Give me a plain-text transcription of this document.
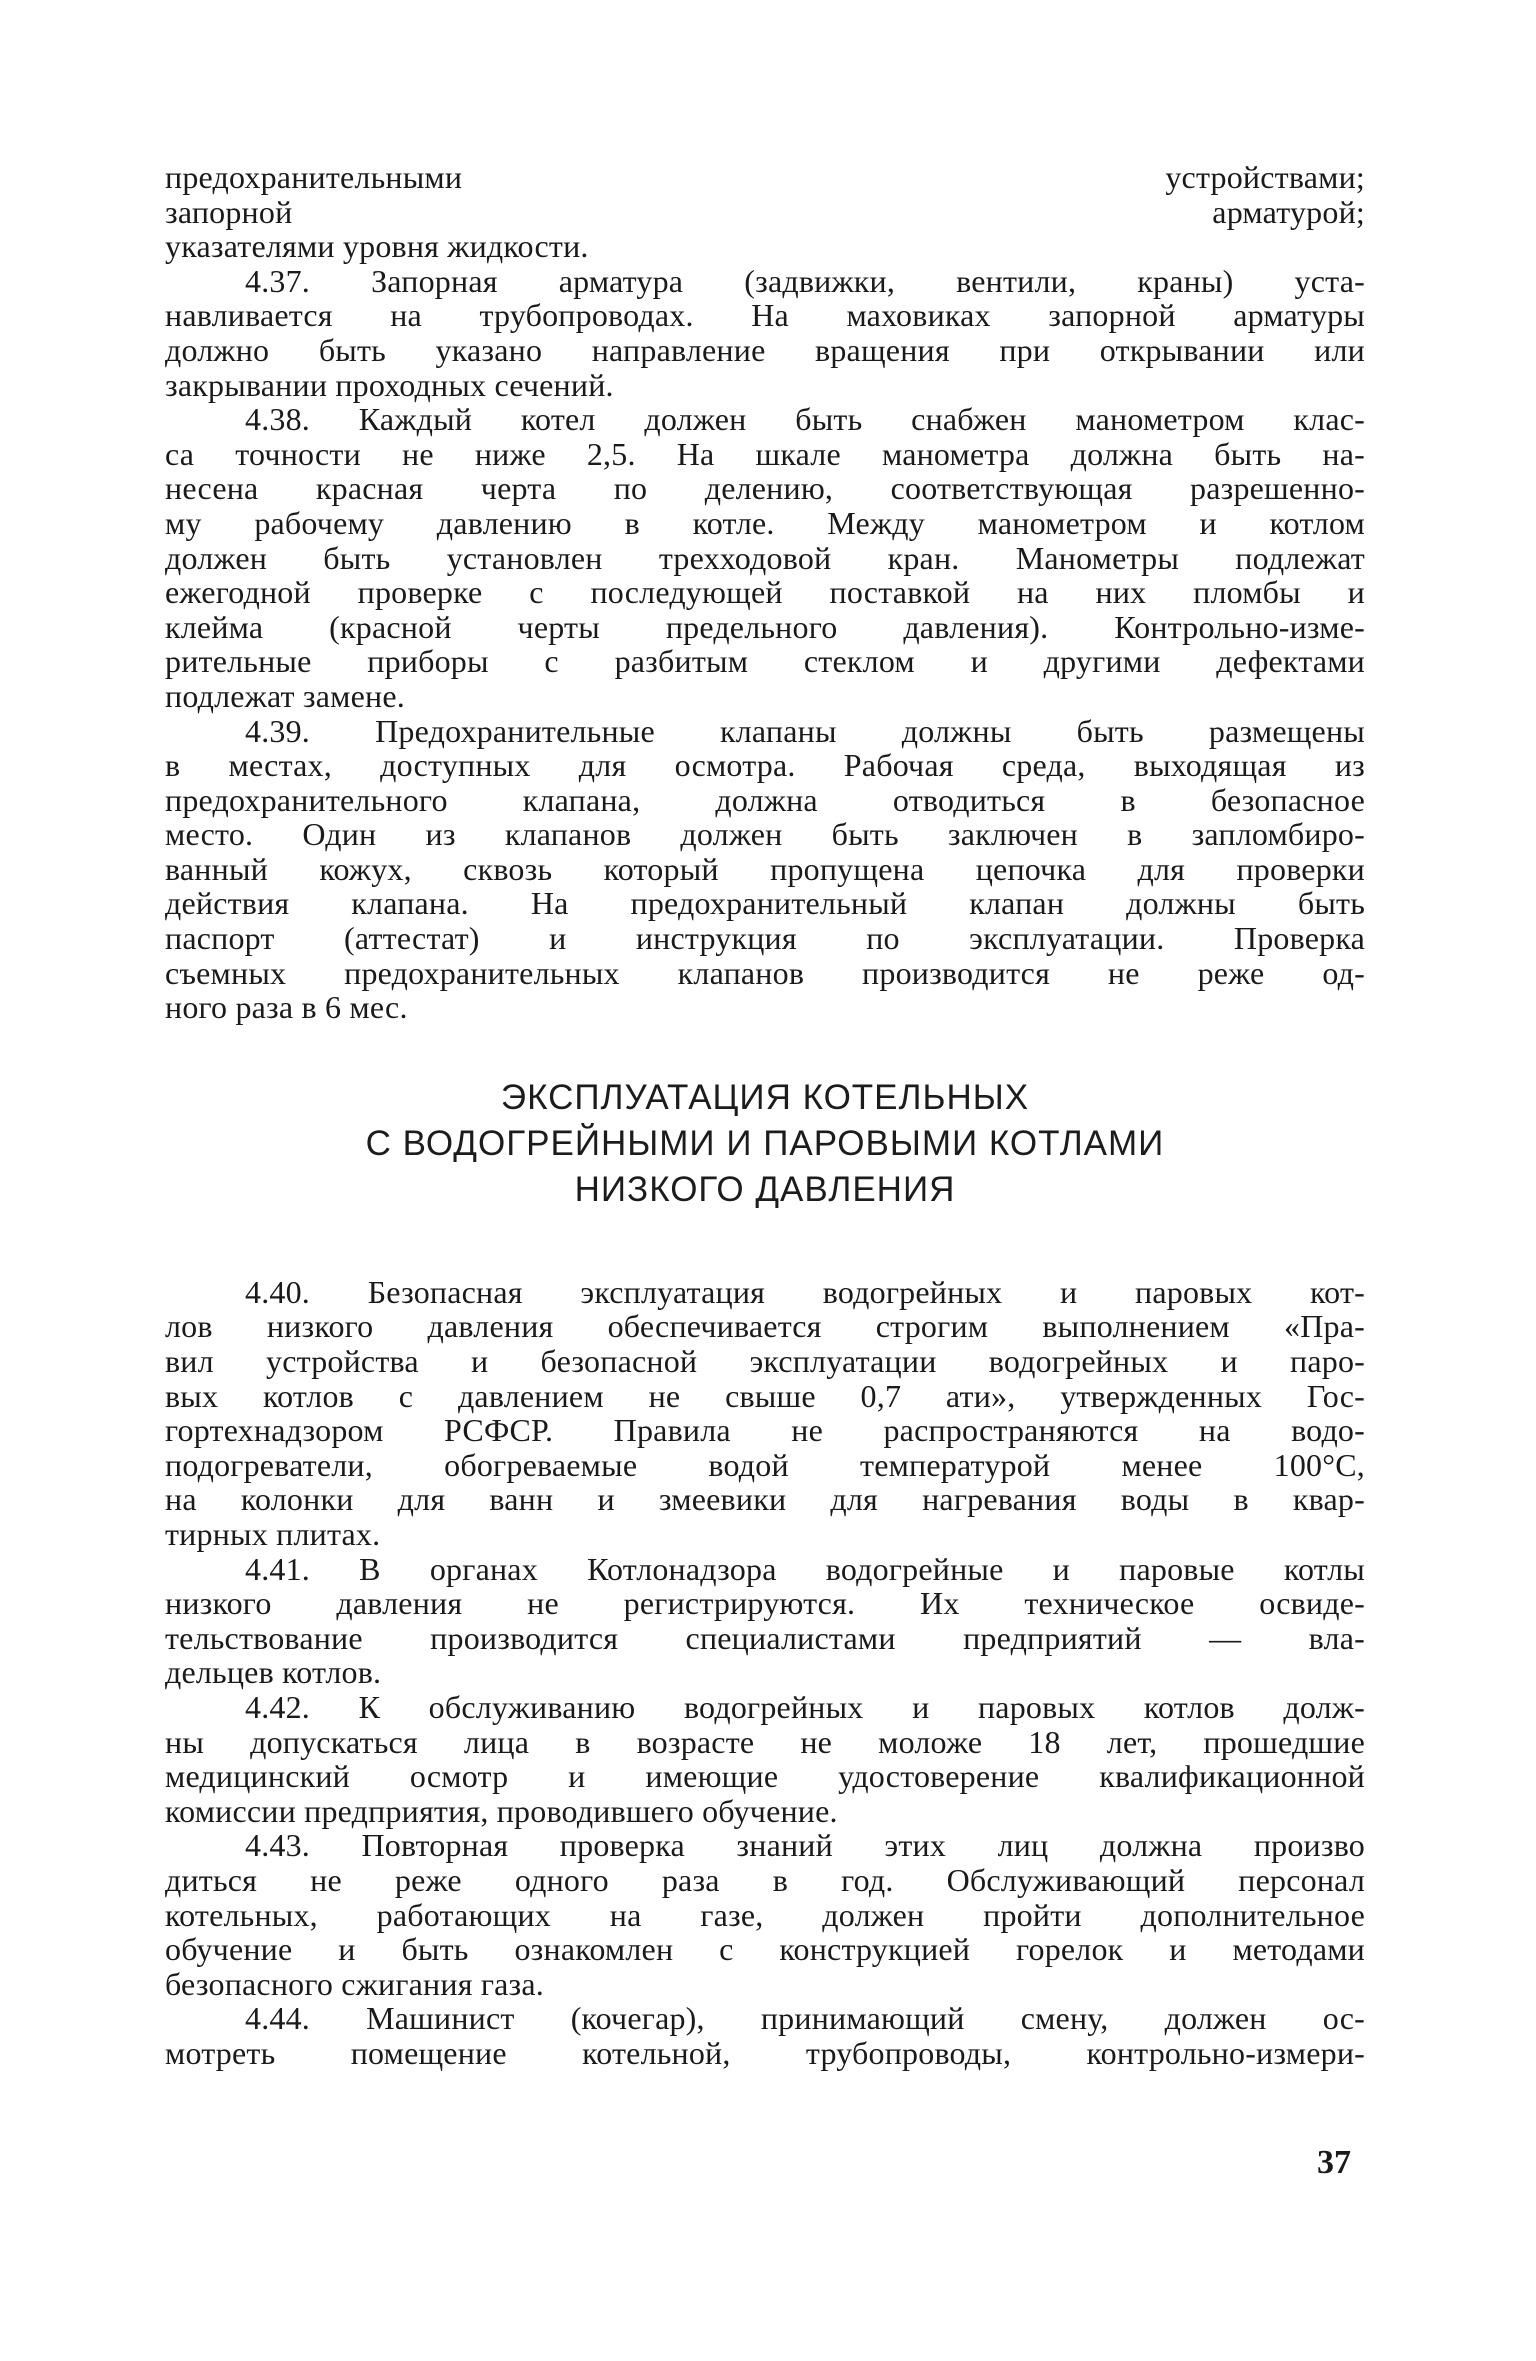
предохранительными устройствами;
запорной арматурой;
указателями уровня жидкости.
4.37. Запорная арматура (задвижки, вентили, краны) уста-
навливается на трубопроводах. На маховиках запорной арматуры
должно быть указано направление вращения при открывании или
закрывании проходных сечений.
4.38. Каждый котел должен быть снабжен манометром клас-
са точности не ниже 2,5. На шкале манометра должна быть на-
несена красная черта по делению, соответствующая разрешенно-
му рабочему давлению в котле. Между манометром и котлом
должен быть установлен трехходовой кран. Манометры подлежат
ежегодной проверке с последующей поставкой на них пломбы и
клейма (красной черты предельного давления). Контрольно-изме-
рительные приборы с разбитым стеклом и другими дефектами
подлежат замене.
4.39. Предохранительные клапаны должны быть размещены
в местах, доступных для осмотра. Рабочая среда, выходящая из
предохранительного клапана, должна отводиться в безопасное
место. Один из клапанов должен быть заключен в запломбиро-
ванный кожух, сквозь который пропущена цепочка для проверки
действия клапана. На предохранительный клапан должны быть
паспорт (аттестат) и инструкция по эксплуатации. Проверка
съемных предохранительных клапанов производится не реже од-
ного раза в 6 мес.
ЭКСПЛУАТАЦИЯ КОТЕЛЬНЫХ
С ВОДОГРЕЙНЫМИ И ПАРОВЫМИ КОТЛАМИ
НИЗКОГО ДАВЛЕНИЯ
4.40. Безопасная эксплуатация водогрейных и паровых кот-
лов низкого давления обеспечивается строгим выполнением «Пра-
вил устройства и безопасной эксплуатации водогрейных и паро-
вых котлов с давлением не свыше 0,7 ати», утвержденных Гос-
гортехнадзором РСФСР. Правила не распространяются на водо-
подогреватели, обогреваемые водой температурой менее 100°С,
на колонки для ванн и змеевики для нагревания воды в квар-
тирных плитах.
4.41. В органах Котлонадзора водогрейные и паровые котлы
низкого давления не регистрируются. Их техническое освиде-
тельствование производится специалистами предприятий — вла-
дельцев котлов.
4.42. К обслуживанию водогрейных и паровых котлов долж-
ны допускаться лица в возрасте не моложе 18 лет, прошедшие
медицинский осмотр и имеющие удостоверение квалификационной
комиссии предприятия, проводившего обучение.
4.43. Повторная проверка знаний этих лиц должна произво
диться не реже одного раза в год. Обслуживающий персонал
котельных, работающих на газе, должен пройти дополнительное
обучение и быть ознакомлен с конструкцией горелок и методами
безопасного сжигания газа.
4.44. Машинист (кочегар), принимающий смену, должен ос-
мотреть помещение котельной, трубопроводы, контрольно-измери-
37
